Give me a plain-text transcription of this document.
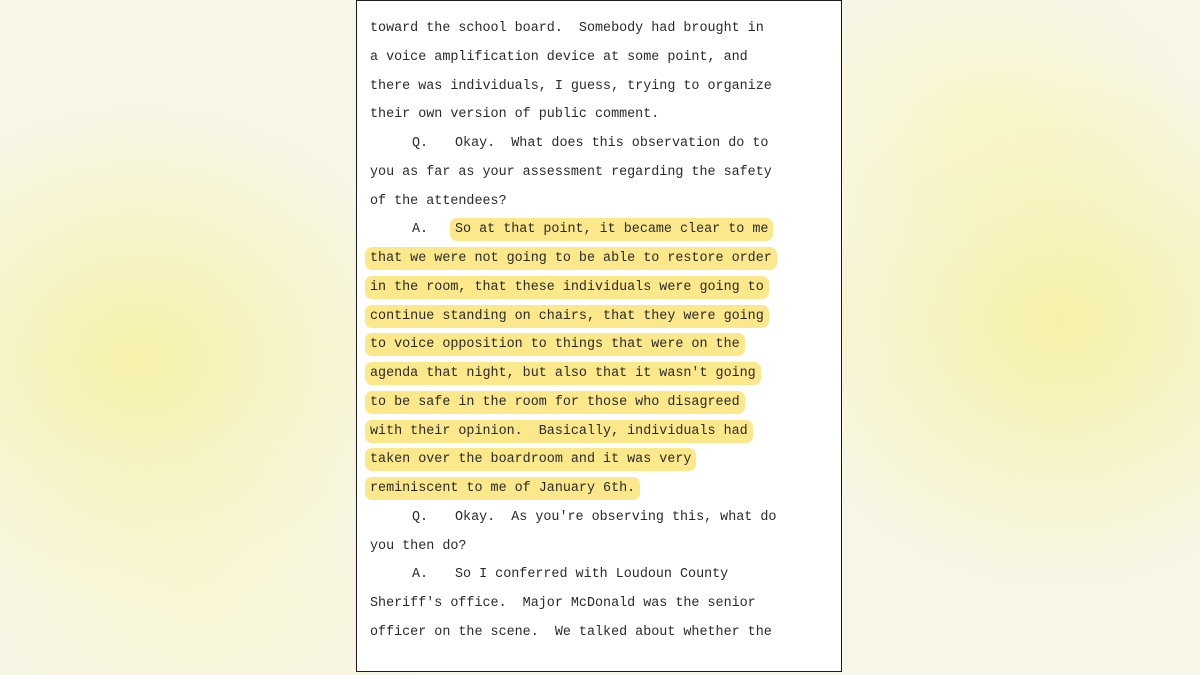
toward the school board.  Somebody had brought in
a voice amplification device at some point, and
there was individuals, I guess, trying to organize
their own version of public comment.
Q. Okay.  What does this observation do to
you as far as your assessment regarding the safety
of the attendees?
A. So at that point, it became clear to me
that we were not going to be able to restore order
in the room, that these individuals were going to
continue standing on chairs, that they were going
to voice opposition to things that were on the
agenda that night, but also that it wasn't going
to be safe in the room for those who disagreed
with their opinion.  Basically, individuals had
taken over the boardroom and it was very
reminiscent to me of January 6th.
Q. Okay.  As you're observing this, what do
you then do?
A. So I conferred with Loudoun County
Sheriff's office.  Major McDonald was the senior
officer on the scene.  We talked about whether the
